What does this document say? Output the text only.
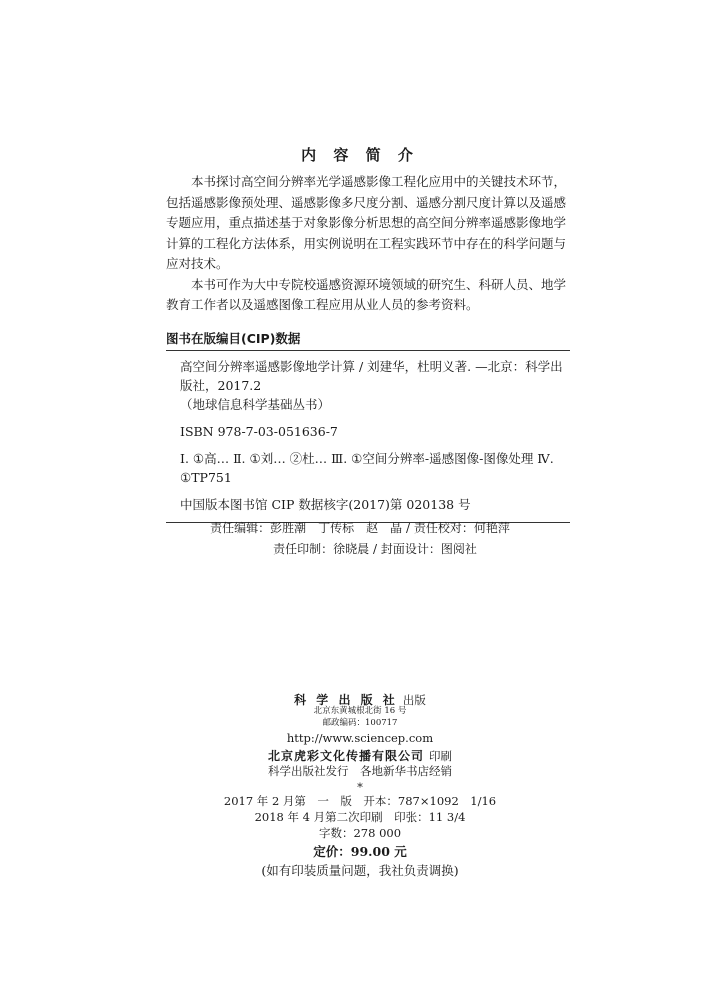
内 容 简 介

本书探讨高空间分辨率光学遥感影像工程化应用中的关键技术环节，包括遥感影像预处理、遥感影像多尺度分割、遥感分割尺度计算以及遥感专题应用，重点描述基于对象影像分析思想的高空间分辨率遥感影像地学计算的工程化方法体系，用实例说明在工程实践环节中存在的科学问题与应对技术。

本书可作为大中专院校遥感资源环境领域的研究生、科研人员、地学教育工作者以及遥感图像工程应用从业人员的参考资料。

图书在版编目(CIP)数据
高空间分辨率遥感影像地学计算 / 刘建华，杜明义著. —北京：科学出版社，2017.2
（地球信息科学基础丛书）
ISBN 978-7-03-051636-7
Ⅰ. ①高… Ⅱ. ①刘… ②杜… Ⅲ. ①空间分辨率-遥感图像-图像处理 Ⅳ. ①TP751
中国版本图书馆 CIP 数据核字(2017)第 020138 号
责任编辑：彭胜潮　丁传标　赵　晶 / 责任校对：何艳萍
责任印制：徐晓晨 / 封面设计：图阅社
科 学 出 版 社 出版
北京东黄城根北街 16 号
邮政编码：100717
http://www.sciencep.com
北京虎彩文化传播有限公司 印刷
科学出版社发行　各地新华书店经销
*
2017 年 2 月第　一　版　开本：787×1092　1/16
2018 年 4 月第二次印刷　印张：11 3/4
字数：278 000
定价：99.00 元
(如有印装质量问题，我社负责调换)
